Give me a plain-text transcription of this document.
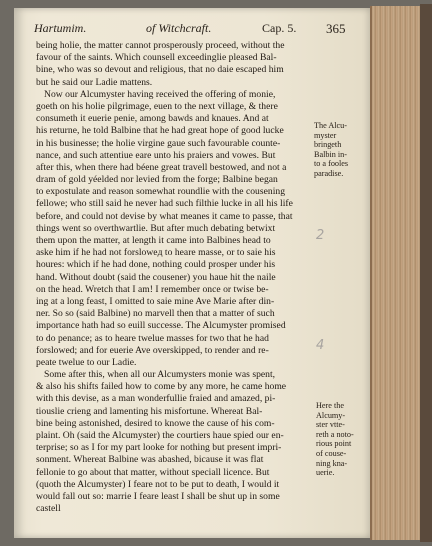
Hartumim.	of Witchcraft.	Cap. 5. 365
being holie, the matter cannot prosperously proceed, without the
favour of the saints. Which counsell exceedinglie pleased Bal-
bine, who was so devout and religious, that no daie escaped him
but he said our Ladie mattens.
Now our Alcumyster having received the offering of monie,
goeth on his holie pilgrimage, euen to the next village, & there
consumeth it euerie penie, among bawds and knaues. And at
his returne, he told Balbine that he had great hope of good lucke
in his businesse; the holie virgine gaue such favourable counte-
nance, and such attentiue eare unto his praiers and vowes. But
after this, when there had béene great travell bestowed, and not a
dram of gold yéelded nor levied from the forge; Balbine began
to expostulate and reason somewhat roundlie with the cousening
fellowe; who still said he never had such filthie lucke in all his life
before, and could not devise by what meanes it came to passe, that
things went so overthwartlie. But after much debating betwixt
them upon the matter, at length it came into Balbines head to
aske him if he had not forsloweд to heare masse, or to saie his
houres: which if he had done, nothing could prosper under his
hand. Without doubt (said the cousener) you haue hit the naile
on the head. Wretch that I am! I remember once or twise be-
ing at a long feast, I omitted to saie mine Ave Marie after din-
ner. So so (said Balbine) no marvell then that a matter of such
importance hath had so euill successe. The Alcumyster promised
to do penance; as to heare twelue masses for two that he had
forslowed; and for euerie Ave overskipped, to render and re-
peate twelue to our Ladie.
Some after this, when all our Alcumysters monie was spent,
& also his shifts failed how to come by any more, he came home
with this devise, as a man wonderfullie fraied and amazed, pi-
tiouslie crieng and lamenting his misfortune. Whereat Bal-
bine being astonished, desired to knowe the cause of his com-
plaint. Oh (said the Alcumyster) the courtiers haue spied our en-
terprise; so as I for my part looke for nothing but present impri-
sonment. Whereat Balbine was abashed, bicause it was flat
fellonie to go about that matter, without speciall licence. But
(quoth the Alcumyster) I feare not to be put to death, I would it
would fall out so: marrie I feare least I shall be shut up in some
castell
The Alcu-
myster
bringeth
Balbin in-
to a fooles
paradise.
Here the
Alcumy-
ster vtte-
reth a noto-
rious point
of couse-
ning kna-
uerie.
2
4
